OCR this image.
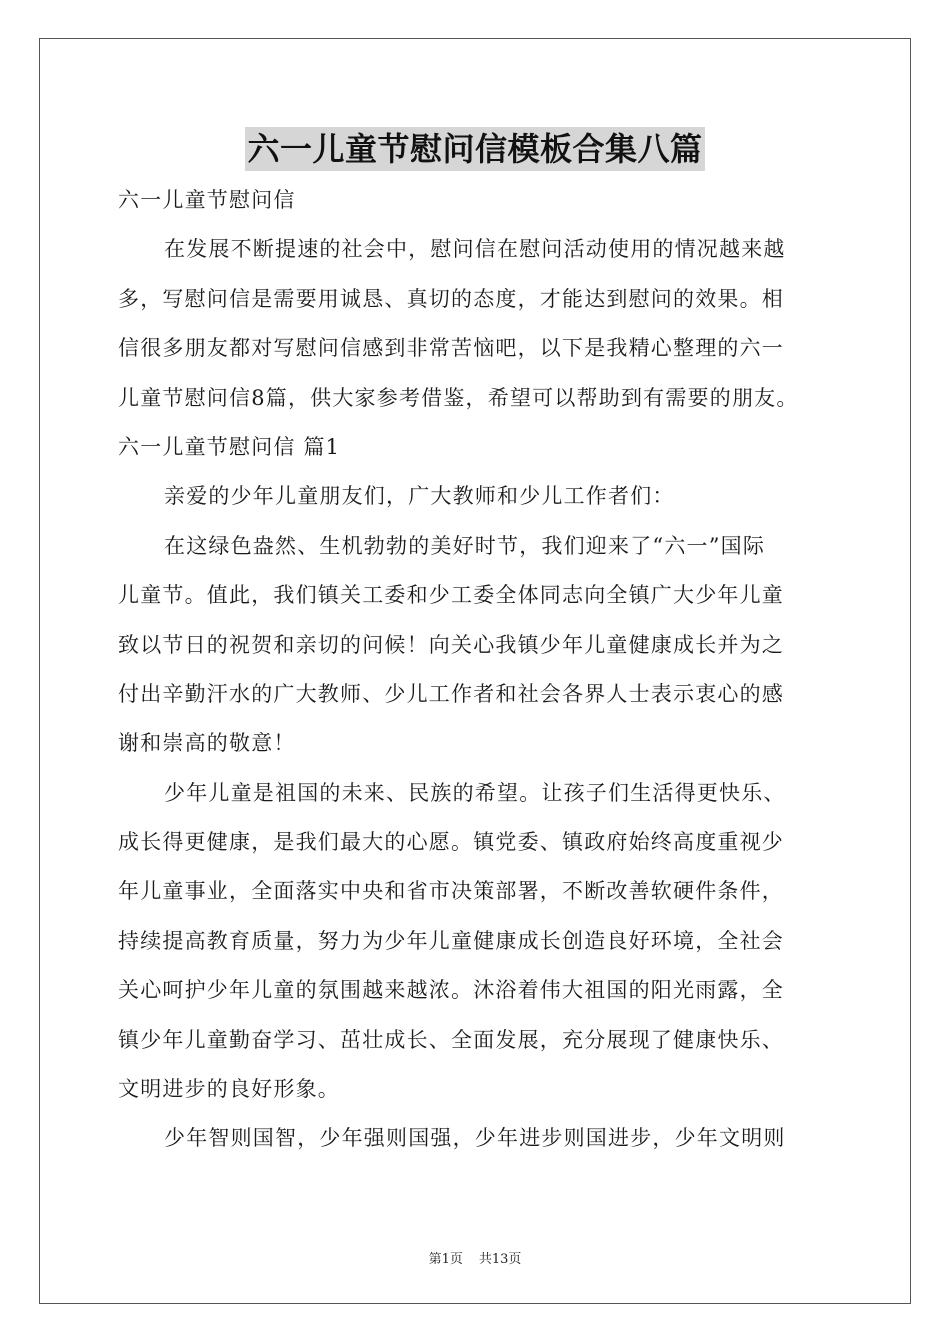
六一儿童节慰问信模板合集八篇
六一儿童节慰问信
在发展不断提速的社会中，慰问信在慰问活动使用的情况越来越
多，写慰问信是需要用诚恳、真切的态度，才能达到慰问的效果。相
信很多朋友都对写慰问信感到非常苦恼吧，以下是我精心整理的六一
儿童节慰问信8篇，供大家参考借鉴，希望可以帮助到有需要的朋友。
六一儿童节慰问信 篇1
亲爱的少年儿童朋友们，广大教师和少儿工作者们：
在这绿色盎然、生机勃勃的美好时节，我们迎来了“六一”国际
儿童节。值此，我们镇关工委和少工委全体同志向全镇广大少年儿童
致以节日的祝贺和亲切的问候！向关心我镇少年儿童健康成长并为之
付出辛勤汗水的广大教师、少儿工作者和社会各界人士表示衷心的感
谢和崇高的敬意！
少年儿童是祖国的未来、民族的希望。让孩子们生活得更快乐、
成长得更健康，是我们最大的心愿。镇党委、镇政府始终高度重视少
年儿童事业，全面落实中央和省市决策部署，不断改善软硬件条件，
持续提高教育质量，努力为少年儿童健康成长创造良好环境，全社会
关心呵护少年儿童的氛围越来越浓。沐浴着伟大祖国的阳光雨露，全
镇少年儿童勤奋学习、茁壮成长、全面发展，充分展现了健康快乐、
文明进步的良好形象。
少年智则国智，少年强则国强，少年进步则国进步，少年文明则
第1页 共13页
